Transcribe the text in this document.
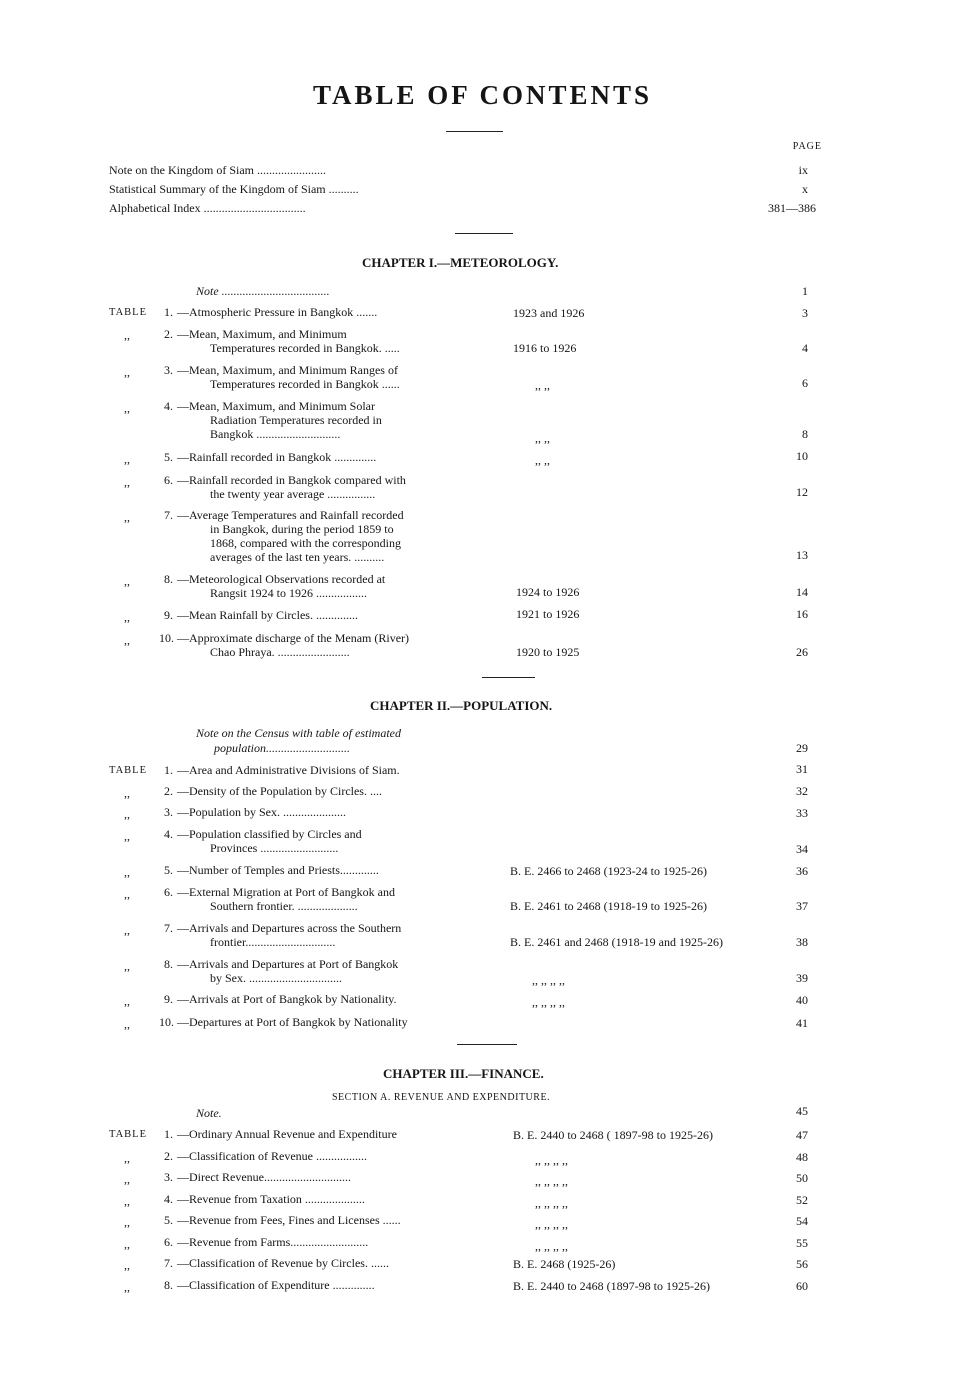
TABLE OF CONTENTS
PAGE
Note on the Kingdom of Siam .......................	ix
Statistical Summary of the Kingdom of Siam ..........	x
Alphabetical Index ..................................	381—386
CHAPTER I.—METEOROLOGY.
Note ....................................	1
TABLE 1. —Atmospheric Pressure in Bangkok .......	1923 and 1926	3
,,	2. —Mean, Maximum, and Minimum
Temperatures recorded in Bangkok. .....	1916 to 1926	4
,,	3. —Mean, Maximum, and Minimum Ranges of
Temperatures recorded in Bangkok ......	,, ,,	6
,,	4. —Mean, Maximum, and Minimum Solar
Radiation Temperatures recorded in
Bangkok ............................	,, ,,	8
,,	5. —Rainfall recorded in Bangkok ..............	,, ,,	10
,,	6. —Rainfall recorded in Bangkok compared with
the twenty year average ................	12
,,	7. —Average Temperatures and Rainfall recorded
in Bangkok, during the period 1859 to
1868, compared with the corresponding
averages of the last ten years. ..........	13
,,	8. —Meteorological Observations recorded at
Rangsit 1924 to 1926 .................	1924 to 1926	14
,,	9. —Mean Rainfall by Circles. ..............	1921 to 1926	16
,, 10. —Approximate discharge of the Menam (River)
Chao Phraya. ........................	1920 to 1925	26
CHAPTER II.—POPULATION.
Note on the Census with table of estimated
population............................	29
TABLE 1. —Area and Administrative Divisions of Siam.	31
,,	2. —Density of the Population by Circles. ....	32
,,	3. —Population by Sex. .....................	33
,,	4. —Population classified by Circles and
Provinces ..........................	34
,,	5. —Number of Temples and Priests.............	B. E. 2466 to 2468 (1923-24 to 1925-26)	36
,,	6. —External Migration at Port of Bangkok and
Southern frontier. ....................	B. E. 2461 to 2468 (1918-19 to 1925-26)	37
,,	7. —Arrivals and Departures across the Southern
frontier..............................	B. E. 2461 and 2468 (1918-19 and 1925-26)	38
,,	8. —Arrivals and Departures at Port of Bangkok
by Sex. ...............................	,, ,, ,, ,,	39
,,	9. —Arrivals at Port of Bangkok by Nationality.	,, ,, ,, ,,	40
,, 10. —Departures at Port of Bangkok by Nationality	41
CHAPTER III.—FINANCE.
SECTION A. REVENUE AND EXPENDITURE.
Note.	45
TABLE 1. —Ordinary Annual Revenue and Expenditure	B. E. 2440 to 2468 ( 1897-98 to 1925-26)	47
,,	2. —Classification of Revenue .................	,, ,, ,, ,,	48
,,	3. —Direct Revenue.............................	,, ,, ,, ,,	50
,,	4. —Revenue from Taxation ....................	,, ,, ,, ,,	52
,,	5. —Revenue from Fees, Fines and Licenses ......	,, ,, ,, ,,	54
,,	6. —Revenue from Farms..........................	,, ,, ,, ,,	55
,,	7. —Classification of Revenue by Circles. ......	B. E. 2468 (1925-26)	56
,,	8. —Classification of Expenditure ..............	B. E. 2440 to 2468 (1897-98 to 1925-26)	60
